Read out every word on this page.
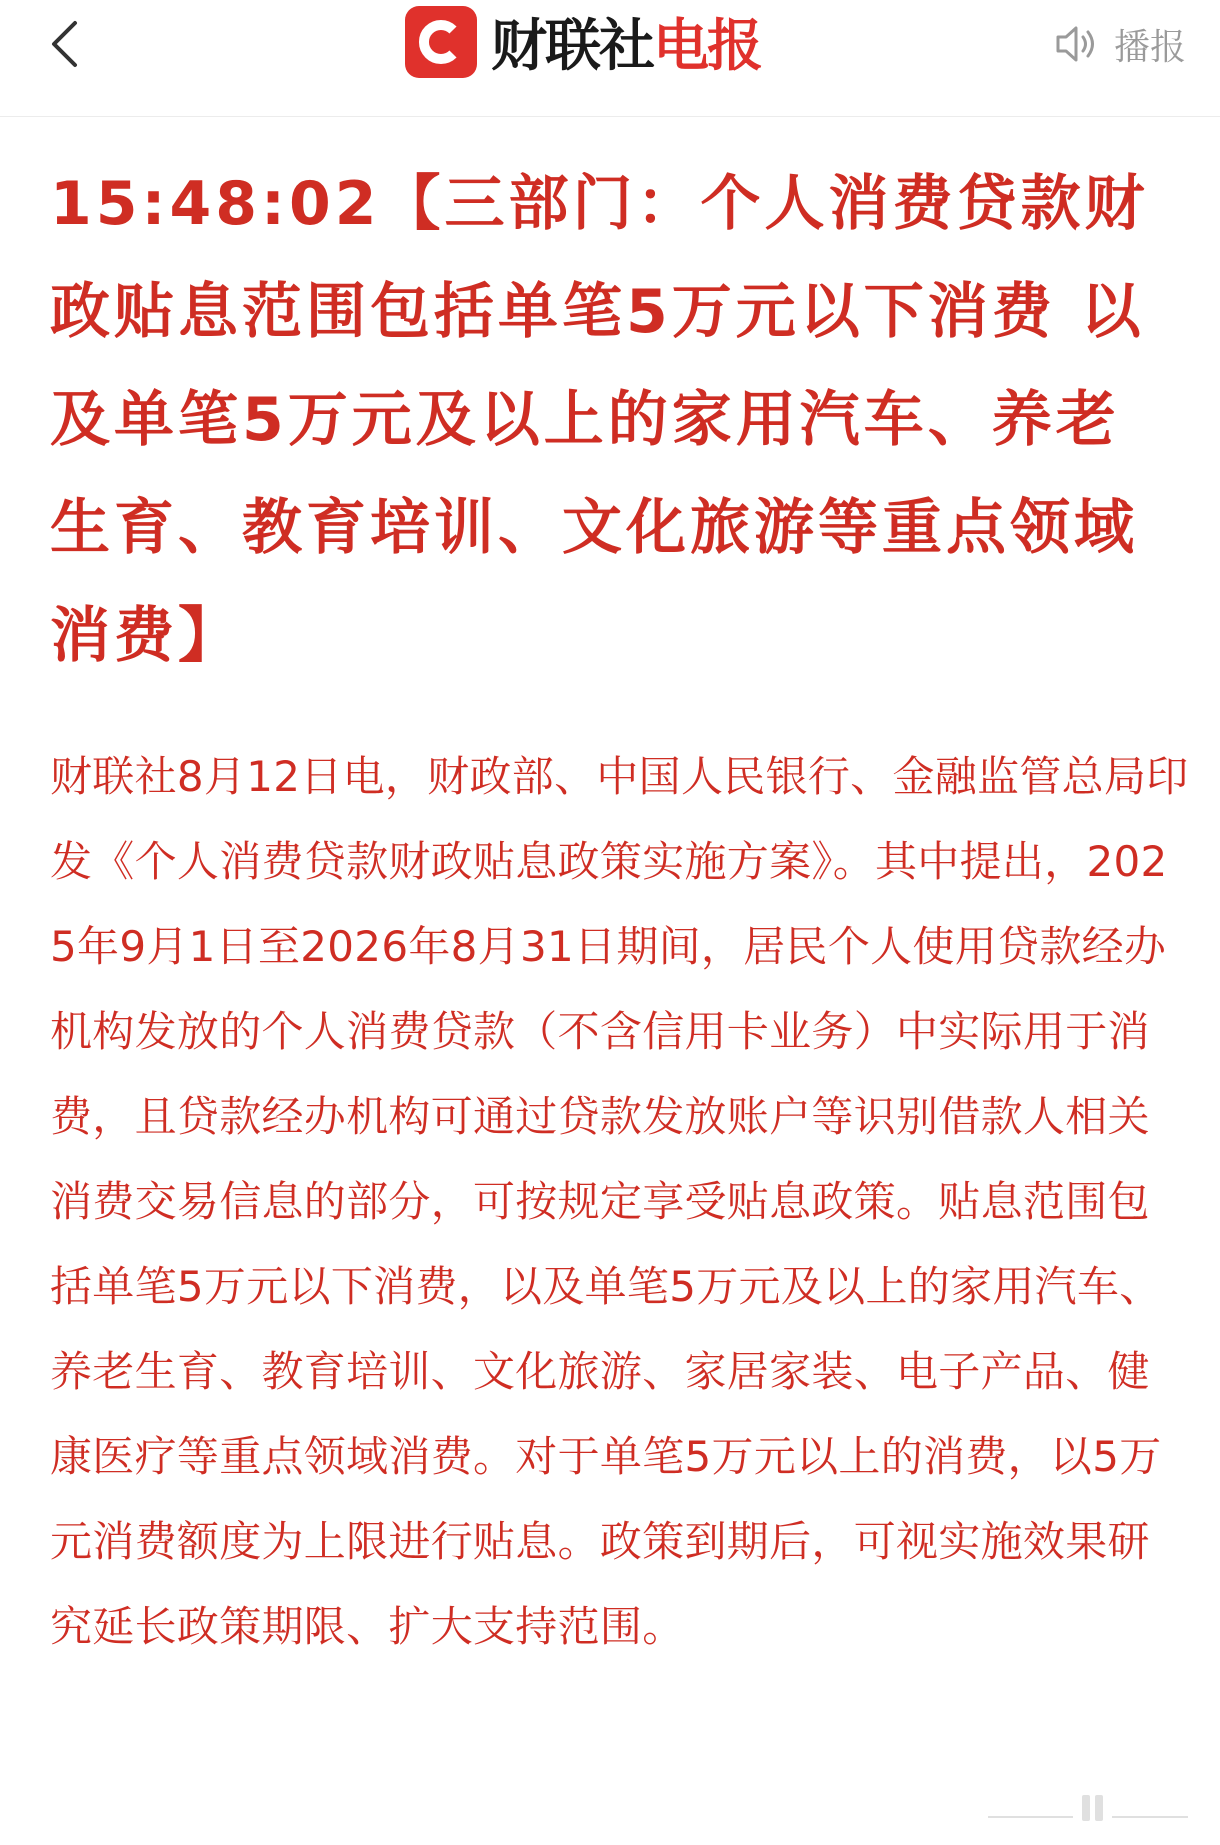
财联社 电报	播报
15:48:02【三部门：个人消费贷款财政贴息范围包括单笔5万元以下消费 以及单笔5万元及以上的家用汽车、养老生育、教育培训、文化旅游等重点领域消费】

财联社8月12日电，财政部、中国人民银行、金融监管总局印发《个人消费贷款财政贴息政策实施方案》。其中提出，2025年9月1日至2026年8月31日期间，居民个人使用贷款经办机构发放的个人消费贷款（不含信用卡业务）中实际用于消费，且贷款经办机构可通过贷款发放账户等识别借款人相关消费交易信息的部分，可按规定享受贴息政策。贴息范围包括单笔5万元以下消费，以及单笔5万元及以上的家用汽车、养老生育、教育培训、文化旅游、家居家装、电子产品、健康医疗等重点领域消费。对于单笔5万元以上的消费，以5万元消费额度为上限进行贴息。政策到期后，可视实施效果研究延长政策期限、扩大支持范围。
